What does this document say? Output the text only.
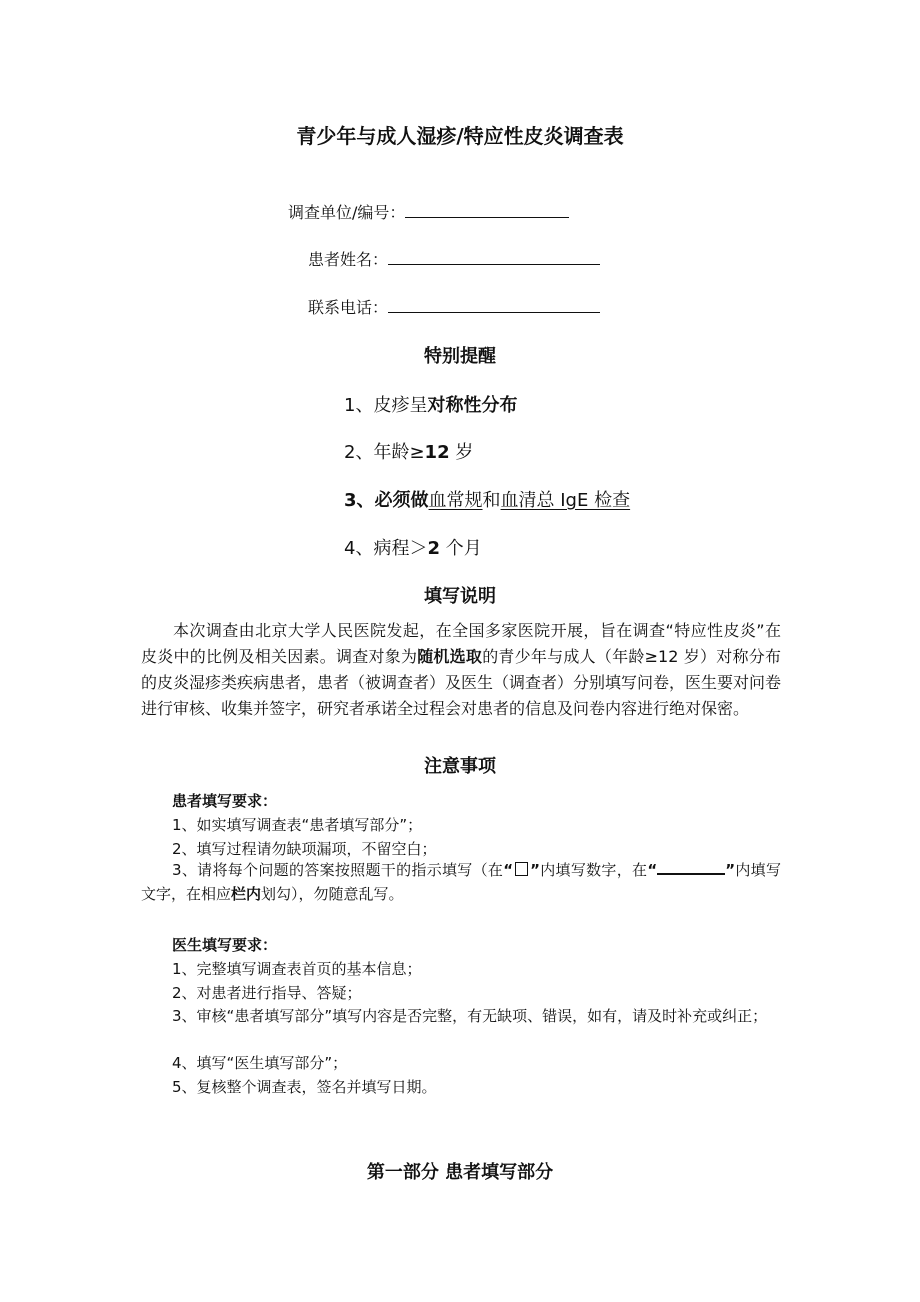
青少年与成人湿疹/特应性皮炎调查表
调查单位/编号：
患者姓名：
联系电话：
特别提醒
1、皮疹呈对称性分布
2、年龄≥12 岁
3、必须做血常规和血清总 IgE 检查
4、病程＞2 个月
填写说明
本次调查由北京大学人民医院发起，在全国多家医院开展，旨在调查“特应性皮炎”在皮炎中的比例及相关因素。调查对象为随机选取的青少年与成人（年龄≥12 岁）对称分布的皮炎湿疹类疾病患者，患者（被调查者）及医生（调查者）分别填写问卷，医生要对问卷进行审核、收集并签字，研究者承诺全过程会对患者的信息及问卷内容进行绝对保密。
注意事项
患者填写要求：
1、如实填写调查表“患者填写部分”；
2、填写过程请勿缺项漏项，不留空白；
3、请将每个问题的答案按照题干的指示填写（在“ ”内填写数字，在“	”内填写文字，在相应栏内划勾），勿随意乱写。
医生填写要求：
1、完整填写调查表首页的基本信息；
2、对患者进行指导、答疑；
3、审核“患者填写部分”填写内容是否完整，有无缺项、错误，如有，请及时补充或纠正；
4、填写“医生填写部分”；
5、复核整个调查表，签名并填写日期。
第一部分 患者填写部分
